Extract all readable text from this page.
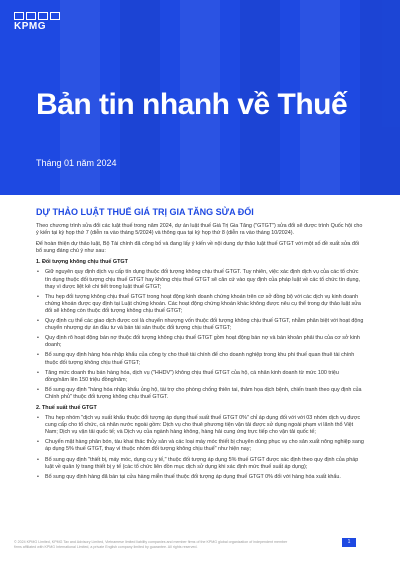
KPMG
Bản tin nhanh về Thuế
Tháng 01 năm 2024
DỰ THẢO LUẬT THUẾ GIÁ TRỊ GIA TĂNG SỬA ĐỔI

Theo chương trình sửa đổi các luật thuế trong năm 2024, dự án luật thuế Giá Trị Gia Tăng ("GTGT") sửa đổi sẽ được trình Quốc hội cho ý kiến tại kỳ họp thứ 7 (diễn ra vào tháng 5/2024) và thông qua tại kỳ họp thứ 8 (diễn ra vào tháng 10/2024).

Để hoàn thiện dự thảo luật, Bộ Tài chính đã công bố và đang lấy ý kiến về nội dung dự thảo luật thuế GTGT với một số đề xuất sửa đổi bổ sung đáng chú ý như sau:

1. Đối tượng không chịu thuế GTGT
• Giữ nguyên quy định dịch vụ cấp tín dụng thuộc đối tượng không chịu thuế GTGT. Tuy nhiên, việc xác định dịch vụ của các tổ chức tín dụng thuộc đối tượng chịu thuế GTGT hay không chịu thuế GTGT sẽ căn cứ vào quy định của pháp luật về các tổ chức tín dụng, thay vì được liệt kê chi tiết trong luật thuế GTGT;
• Thu hẹp đối tượng không chịu thuế GTGT trong hoạt động kinh doanh chứng khoán trên cơ sở đồng bộ với các dịch vụ kinh doanh chứng khoán được quy định tại Luật chứng khoán. Các hoạt động chứng khoán khác không được nêu cụ thể trong dự thảo luật sửa đổi sẽ không còn thuộc đối tượng không chịu thuế GTGT;
• Quy định cụ thể các giao dịch được coi là chuyển nhượng vốn thuộc đối tượng không chịu thuế GTGT, nhằm phân biệt với hoạt động chuyển nhượng dự án đầu tư và bán tài sản thuộc đối tượng chịu thuế GTGT;
• Quy định rõ hoạt động bán nợ thuộc đối tượng không chịu thuế GTGT gồm hoạt động bán nợ và bán khoản phải thu của cơ sở kinh doanh;
• Bổ sung quy định hàng hóa nhập khẩu của công ty cho thuê tài chính để cho doanh nghiệp trong khu phi thuế quan thuê tài chính thuộc đối tượng không chịu thuế GTGT;
• Tăng mức doanh thu bán hàng hóa, dịch vụ ("HHDV") không chịu thuế GTGT của hộ, cá nhân kinh doanh từ mức 100 triệu đồng/năm lên 150 triệu đồng/năm;
• Bổ sung quy định "hàng hóa nhập khẩu ủng hộ, tài trợ cho phòng chống thiên tai, thảm họa dịch bệnh, chiến tranh theo quy định của Chính phủ" thuộc đối tượng không chịu thuế GTGT.
2. Thuế suất thuế GTGT
• Thu hẹp nhóm "dịch vụ xuất khẩu thuộc đối tượng áp dụng thuế suất thuế GTGT 0%" chỉ áp dụng đối với với 03 nhóm dịch vụ được cung cấp cho tổ chức, cá nhân nước ngoài gồm: Dịch vụ cho thuê phương tiện vận tải được sử dụng ngoài phạm vi lãnh thổ Việt Nam; Dịch vụ vận tải quốc tế; và Dịch vụ của ngành hàng không, hàng hải cung ứng trực tiếp cho vận tải quốc tế;
• Chuyển mặt hàng phân bón, tàu khai thác thủy sản và các loại máy móc thiết bị chuyên dùng phục vụ cho sản xuất nông nghiệp sang áp dụng 5% thuế GTGT, thay vì thuộc nhóm đối tượng không chịu thuế" như hiện nay;
• Bổ sung quy định "thiết bị, máy móc, dụng cụ y tế," thuộc đối tượng áp dụng 5% thuế GTGT được xác định theo quy định của pháp luật về quản lý trang thiết bị y tế (các tổ chức liên đồn mục dịch sử dụng khi xác định mức thuế suất áp dụng);
• Bổ sung quy định hàng đã bán tại cửa hàng miễn thuế thuộc đối tượng áp dụng thuế GTGT 0% đối với hàng hóa xuất khẩu.
© 2024 KPMG Limited, KPMG Tax and Advisory Limited, Vietnamese limited liability companies and member firms of the KPMG global organization of independent member firms affiliated with KPMG International Limited, a private English company limited by guarantee. All rights reserved.
1
